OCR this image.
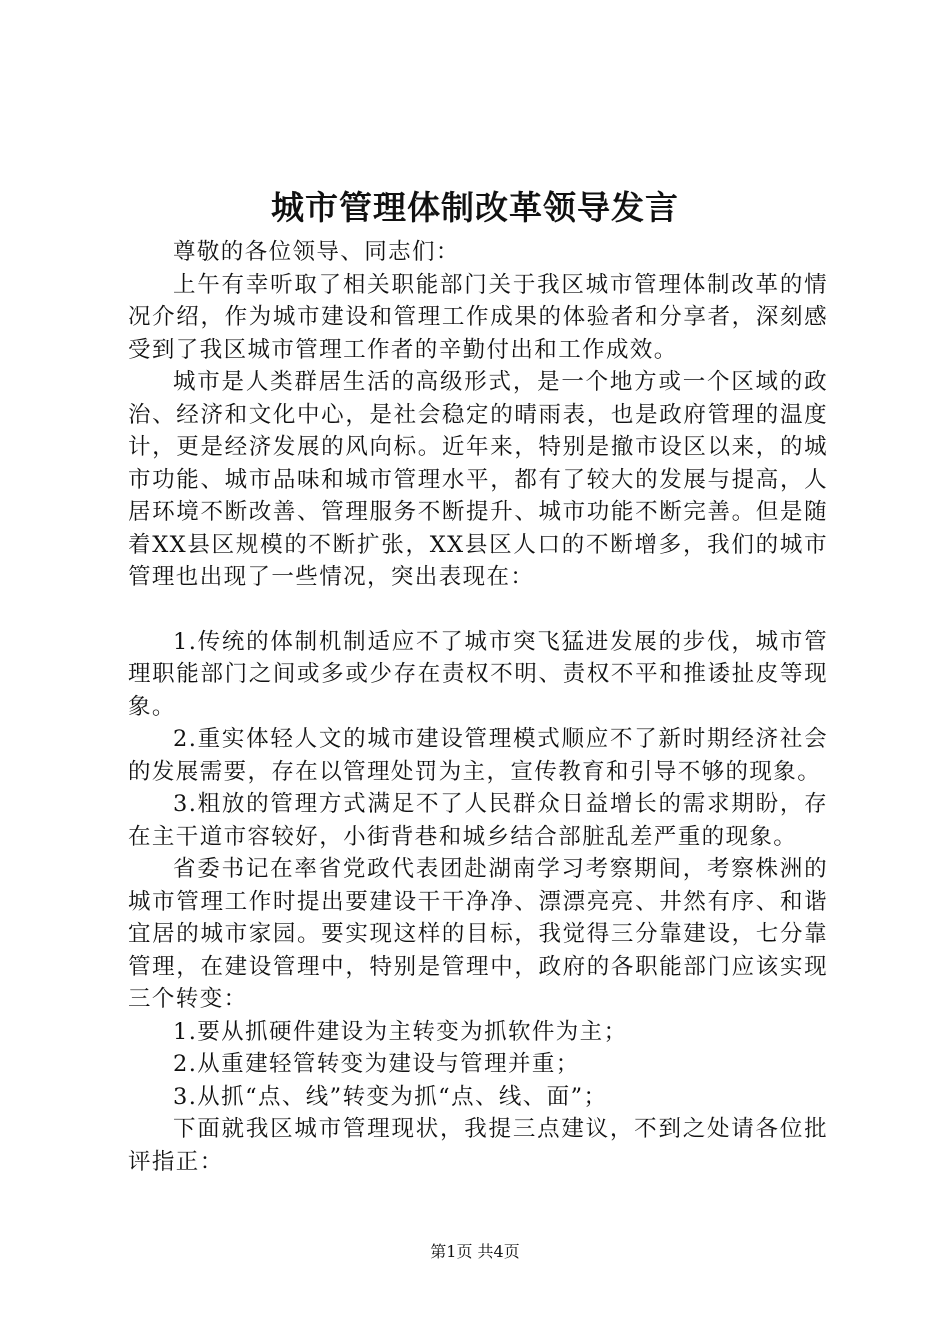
城市管理体制改革领导发言

尊敬的各位领导、同志们：

上午有幸听取了相关职能部门关于我区城市管理体制改革的情况介绍，作为城市建设和管理工作成果的体验者和分享者，深刻感受到了我区城市管理工作者的辛勤付出和工作成效。

城市是人类群居生活的高级形式，是一个地方或一个区域的政治、经济和文化中心，是社会稳定的晴雨表，也是政府管理的温度计，更是经济发展的风向标。近年来，特别是撤市设区以来，的城市功能、城市品味和城市管理水平，都有了较大的发展与提高，人居环境不断改善、管理服务不断提升、城市功能不断完善。但是随着XX县区规模的不断扩张，XX县区人口的不断增多，我们的城市管理也出现了一些情况，突出表现在：

1.传统的体制机制适应不了城市突飞猛进发展的步伐，城市管理职能部门之间或多或少存在责权不明、责权不平和推诿扯皮等现象。

2.重实体轻人文的城市建设管理模式顺应不了新时期经济社会的发展需要，存在以管理处罚为主，宣传教育和引导不够的现象。

3.粗放的管理方式满足不了人民群众日益增长的需求期盼，存在主干道市容较好，小街背巷和城乡结合部脏乱差严重的现象。

省委书记在率省党政代表团赴湖南学习考察期间，考察株洲的城市管理工作时提出要建设干干净净、漂漂亮亮、井然有序、和谐宜居的城市家园。要实现这样的目标，我觉得三分靠建设，七分靠管理，在建设管理中，特别是管理中，政府的各职能部门应该实现三个转变：

1.要从抓硬件建设为主转变为抓软件为主；

2.从重建轻管转变为建设与管理并重；

3.从抓“点、线”转变为抓“点、线、面”；

下面就我区城市管理现状，我提三点建议，不到之处请各位批评指正：

第1页 共4页
